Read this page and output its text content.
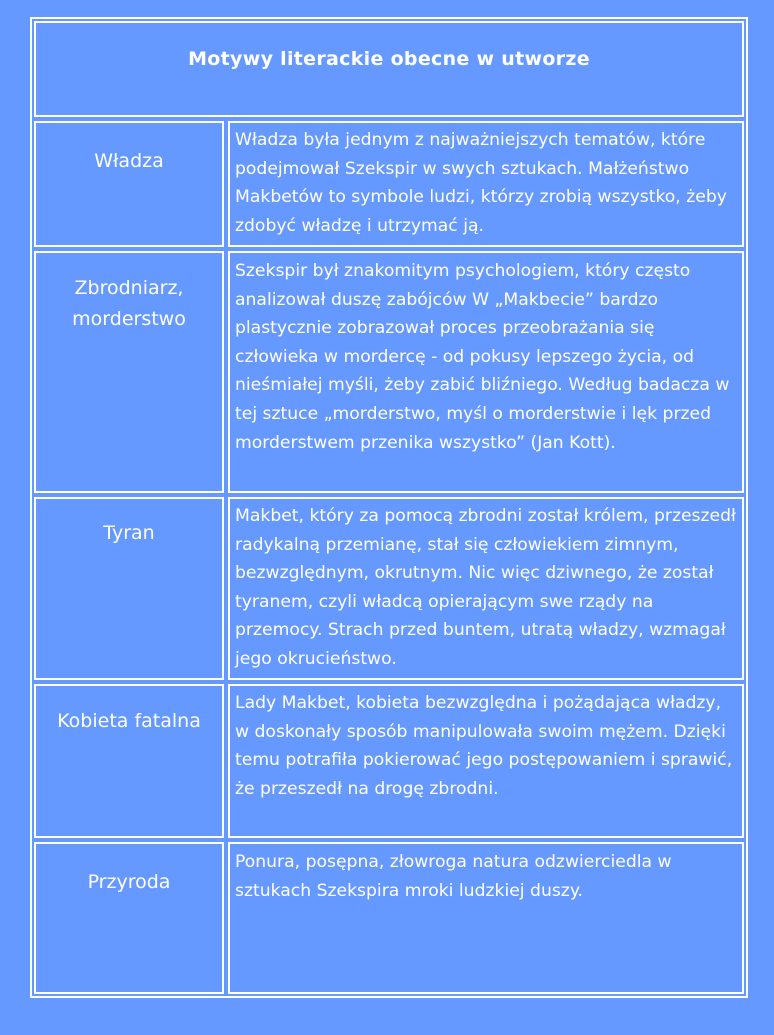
Motywy literackie obecne w utworze
Władza
Władza była jednym z najważniejszych tematów, które podejmował Szekspir w swych sztukach. Małżeństwo Makbetów to symbole ludzi, którzy zrobią wszystko, żeby zdobyć władzę i utrzymać ją.
Zbrodniarz, morderstwo
Szekspir był znakomitym psychologiem, który często analizował duszę zabójców W „Makbecie” bardzo plastycznie zobrazował proces przeobrażania się człowieka w mordercę - od pokusy lepszego życia, od nieśmiałej myśli, żeby zabić bliźniego. Według badacza w tej sztuce „morderstwo, myśl o morderstwie i lęk przed morderstwem przenika wszystko” (Jan Kott).
Tyran
Makbet, który za pomocą zbrodni został królem, przeszedł radykalną przemianę, stał się człowiekiem zimnym, bezwzględnym, okrutnym. Nic więc dziwnego, że został tyranem, czyli władcą opierającym swe rządy na przemocy. Strach przed buntem, utratą władzy, wzmagał jego okrucieństwo.
Kobieta fatalna
Lady Makbet, kobieta bezwzględna i pożądająca władzy, w doskonały sposób manipulowała swoim mężem. Dzięki temu potrafiła pokierować jego postępowaniem i sprawić, że przeszedł na drogę zbrodni.
Przyroda
Ponura, posępna, złowroga natura odzwierciedla w sztukach Szekspira mroki ludzkiej duszy.
